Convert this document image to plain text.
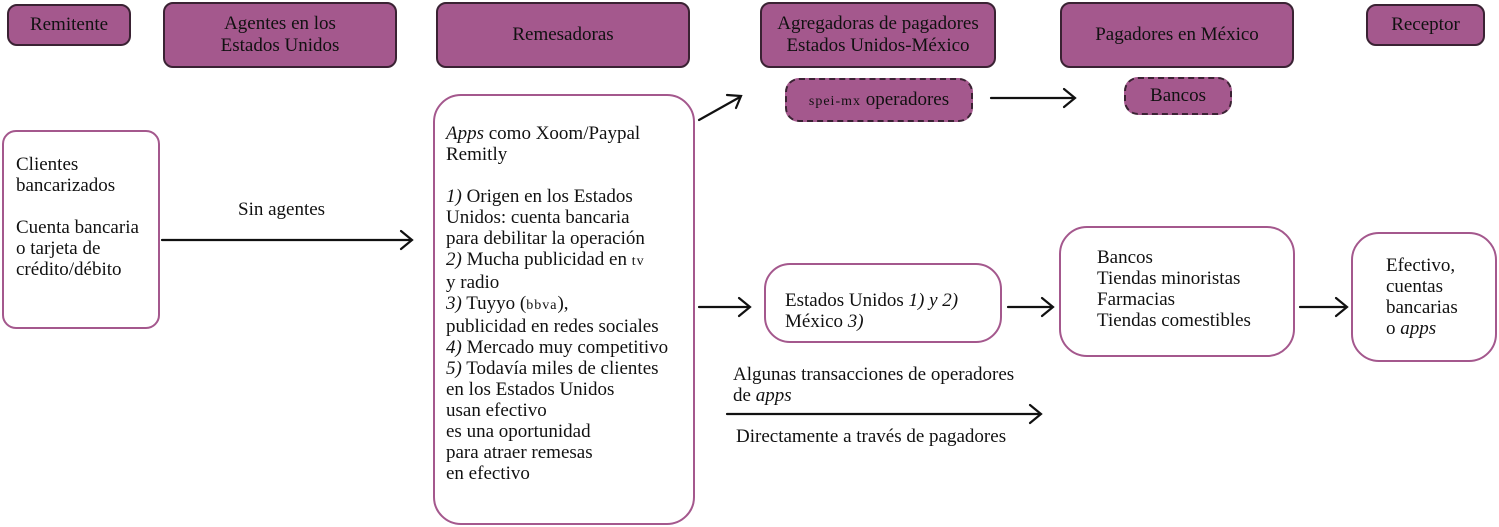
Remitente	Agentes en los
Estados Unidos
Remesadoras
Agregadoras de pagadores
Estados Unidos-México
Pagadores en México	Receptor
spei-mx operadores	Bancos
Clientes
bancarizados
Cuenta bancaria
o tarjeta de
crédito/débito
Sin agentes
Apps como Xoom/Paypal
Remitly
1) Origen en los Estados
Unidos: cuenta bancaria
para debilitar la operación
2) Mucha publicidad en tv
y radio
3) Tuyyo (bbva),
publicidad en redes sociales
4) Mercado muy competitivo
5) Todavía miles de clientes
en los Estados Unidos
usan efectivo
es una oportunidad
para atraer remesas
en efectivo
Estados Unidos 1) y 2)
México 3)
Bancos
Tiendas minoristas
Farmacias
Tiendas comestibles
Efectivo,
cuentas
bancarias
o apps
Algunas transacciones de operadores
de apps
Directamente a través de pagadores
